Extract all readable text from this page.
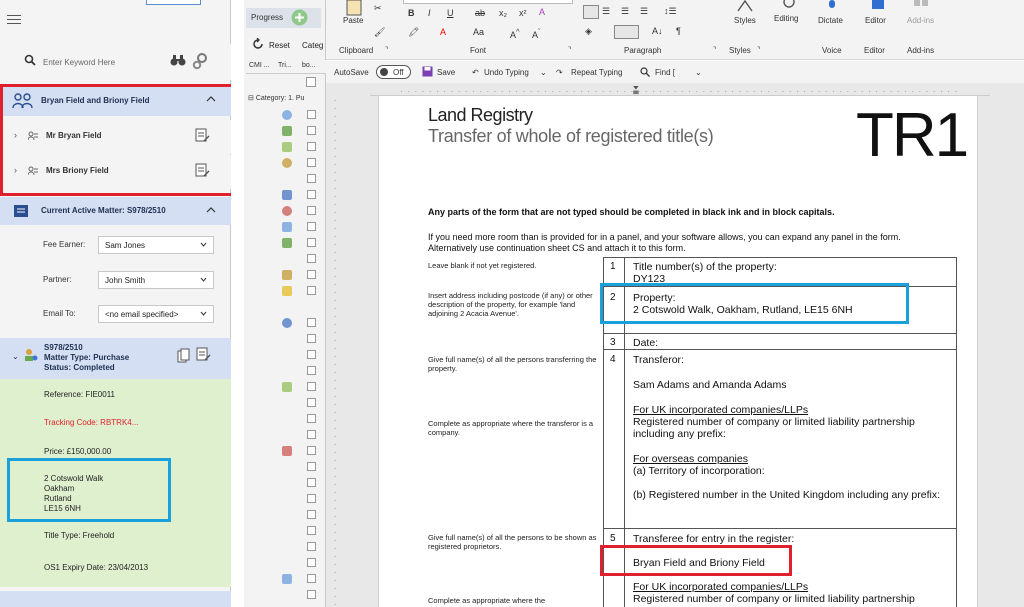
Enter Keyword Here
Bryan Field and Briony Field
›	Mr Bryan Field
›	Mrs Briony Field
Current Active Matter: S978/2510
Fee Earner:	Sam Jones
Partner:	John Smith
Email To:	<no email specified>
⌄
S978/2510
Matter Type: Purchase
Status: Completed
Reference: FIE0011
Tracking Code: RBTRK4...
Price: £150,000.00
2 Cotswold Walk
Oakham
Rutland
LE15 6NH
Title Type: Freehold
OS1 Expiry Date: 23/04/2013
Progress
Reset Categ
CMI ... Tri... bo...
⊟ Category: 1. Pu
Paste
✂
🖌
Clipboard ⌝
B I U ab x₂ x² A
🖍 A	Aa	A^ $A^ˇ$
Font	⌝
☰ ☰ ☰ ↕☰
◈	A↓ ¶
Paragraph	⌝
Styles
Styles ⌝
Editing Dictate
Voice
Editor
Editor
Add-ins
Add-ins
AutoSave	Off	Save ↶ Undo Typing ⌄ ↷ Repeat Typing	Find [ ⌄
Land Registry
Transfer of whole of registered title(s) TR1
Any parts of the form that are not typed should be completed in black ink and in block capitals.
If you need more room than is provided for in a panel, and your software allows, you can expand any panel in the form. Alternatively use continuation sheet CS and attach it to this form.
Leave blank if not yet registered.
Insert address including postcode (if any) or other description of the property, for example 'land adjoining 2 Acacia Avenue'.
Give full name(s) of all the persons transferring the property.
Complete as appropriate where the transferor is a company.
Give full name(s) of all the persons to be shown as registered proprietors.
Complete as appropriate where the
1 Title number(s) of the property:
DY123
2 Property:
2 Cotswold Walk, Oakham, Rutland, LE15 6NH
3 Date:
4 Transferor:
Sam Adams and Amanda Adams
For UK incorporated companies/LLPs
Registered number of company or limited liability partnership including any prefix:
For overseas companies
(a) Territory of incorporation:
(b) Registered number in the United Kingdom including any prefix:
5 Transferee for entry in the register:
Bryan Field and Briony Field
For UK incorporated companies/LLPs
Registered number of company or limited liability partnership
